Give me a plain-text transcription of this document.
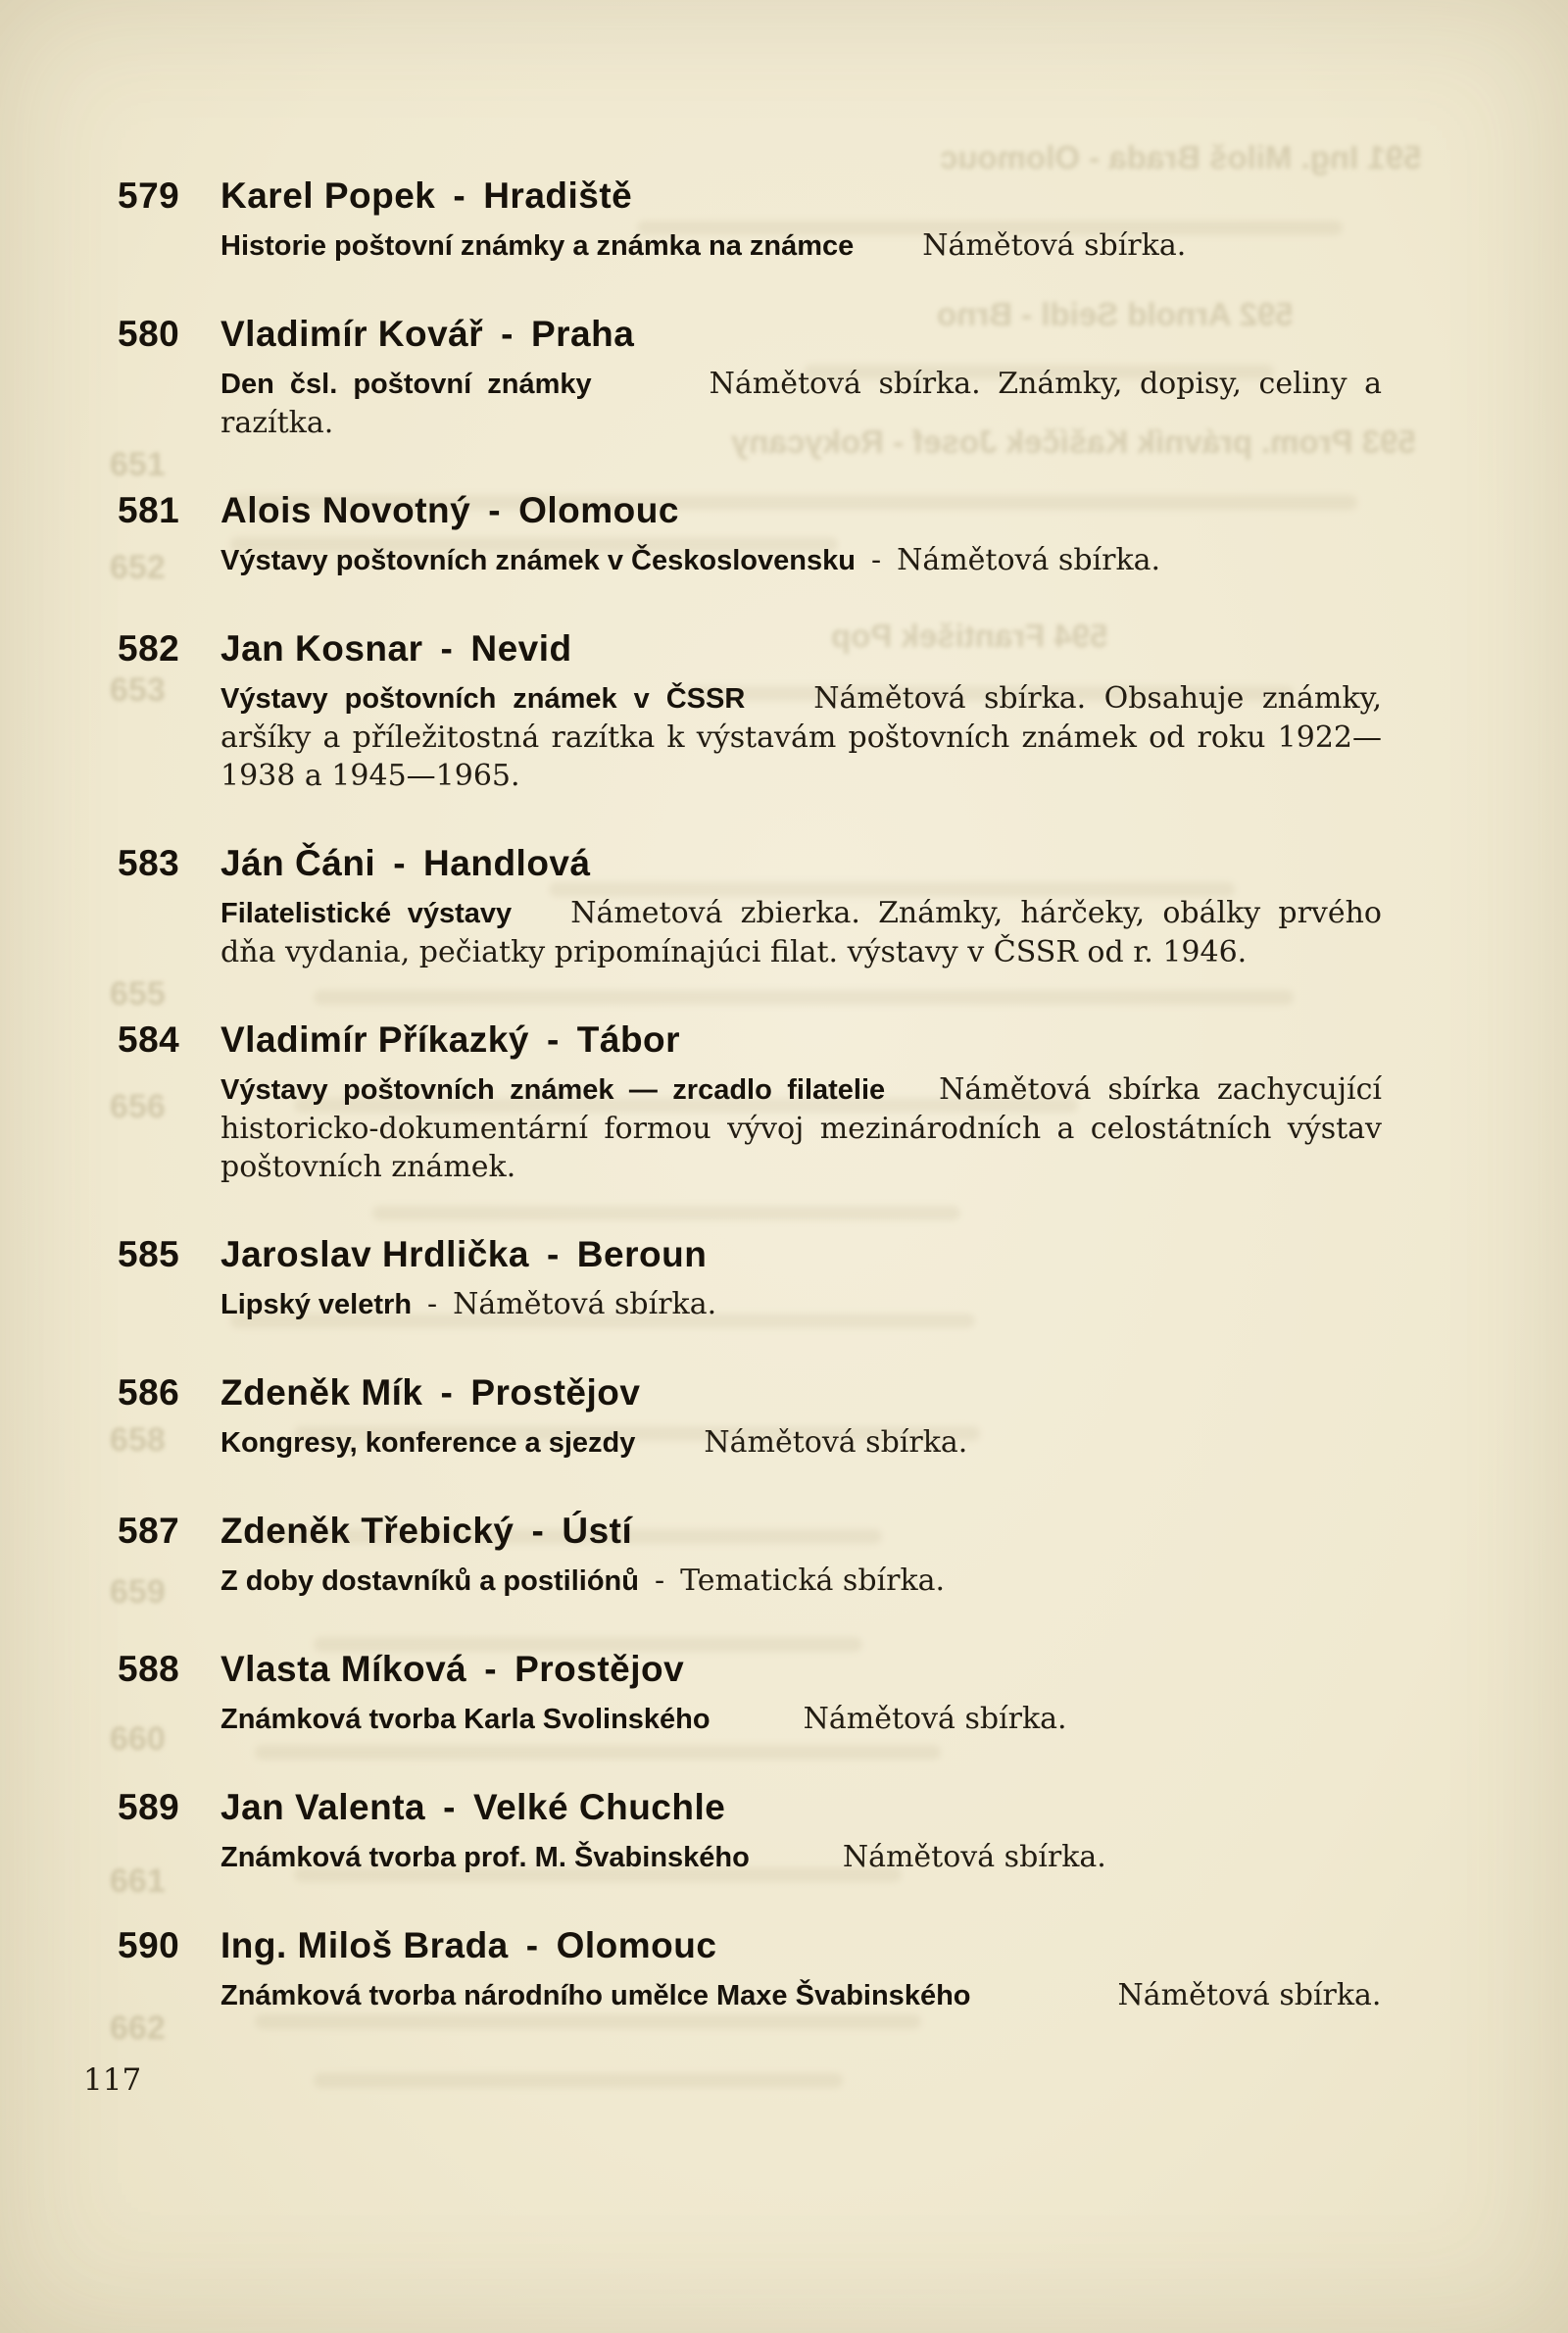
591 Ing. Miloš Brada - Olomouc
592 Arnold Seidl - Brno
593 Prom. právník Kašíček Josef - Rokycany
594 František Pop
651
652
653
655
656
658
659
660
661
662
579 Karel Popek - Hradiště

Historie poštovní známky a známka na známce Námětová sbírka.

580 Vladimír Kovář - Praha

Den čsl. poštovní známky	Námětová sbírka. Známky, dopisy, celiny a razítka.

581 Alois Novotný - Olomouc

Výstavy poštovních známek v Československu - Námětová sbírka.

582 Jan Kosnar - Nevid

Výstavy poštovních známek v ČSSR Námětová sbírka. Obsahuje známky, aršíky a příležitostná razítka k výstavám poštovních známek od roku 1922—1938 a 1945—1965.

583 Ján Čáni - Handlová

Filatelistické výstavy Námetová zbierka. Známky, hárčeky, obálky prvého dňa vydania, pečiatky pripomínajúci filat. výstavy v ČSSR od r. 1946.

584 Vladimír Příkazký - Tábor

Výstavy poštovních známek — zrcadlo filatelie Námětová sbírka zachycující historicko-dokumentární formou vývoj mezinárodních a celostátních výstav poštovních známek.

585 Jaroslav Hrdlička - Beroun

Lipský veletrh - Námětová sbírka.

586 Zdeněk Mík - Prostějov

Kongresy, konference a sjezdy Námětová sbírka.

587 Zdeněk Třebický - Ústí

Z doby dostavníků a postiliónů - Tematická sbírka.

588 Vlasta Míková - Prostějov

Známková tvorba Karla Svolinského	Námětová sbírka.

589 Jan Valenta - Velké Chuchle

Známková tvorba prof. M. Švabinského	Námětová sbírka.

590 Ing. Miloš Brada - Olomouc

Známková tvorba národního umělce Maxe Švabinského	Námětová sbírka.

117
